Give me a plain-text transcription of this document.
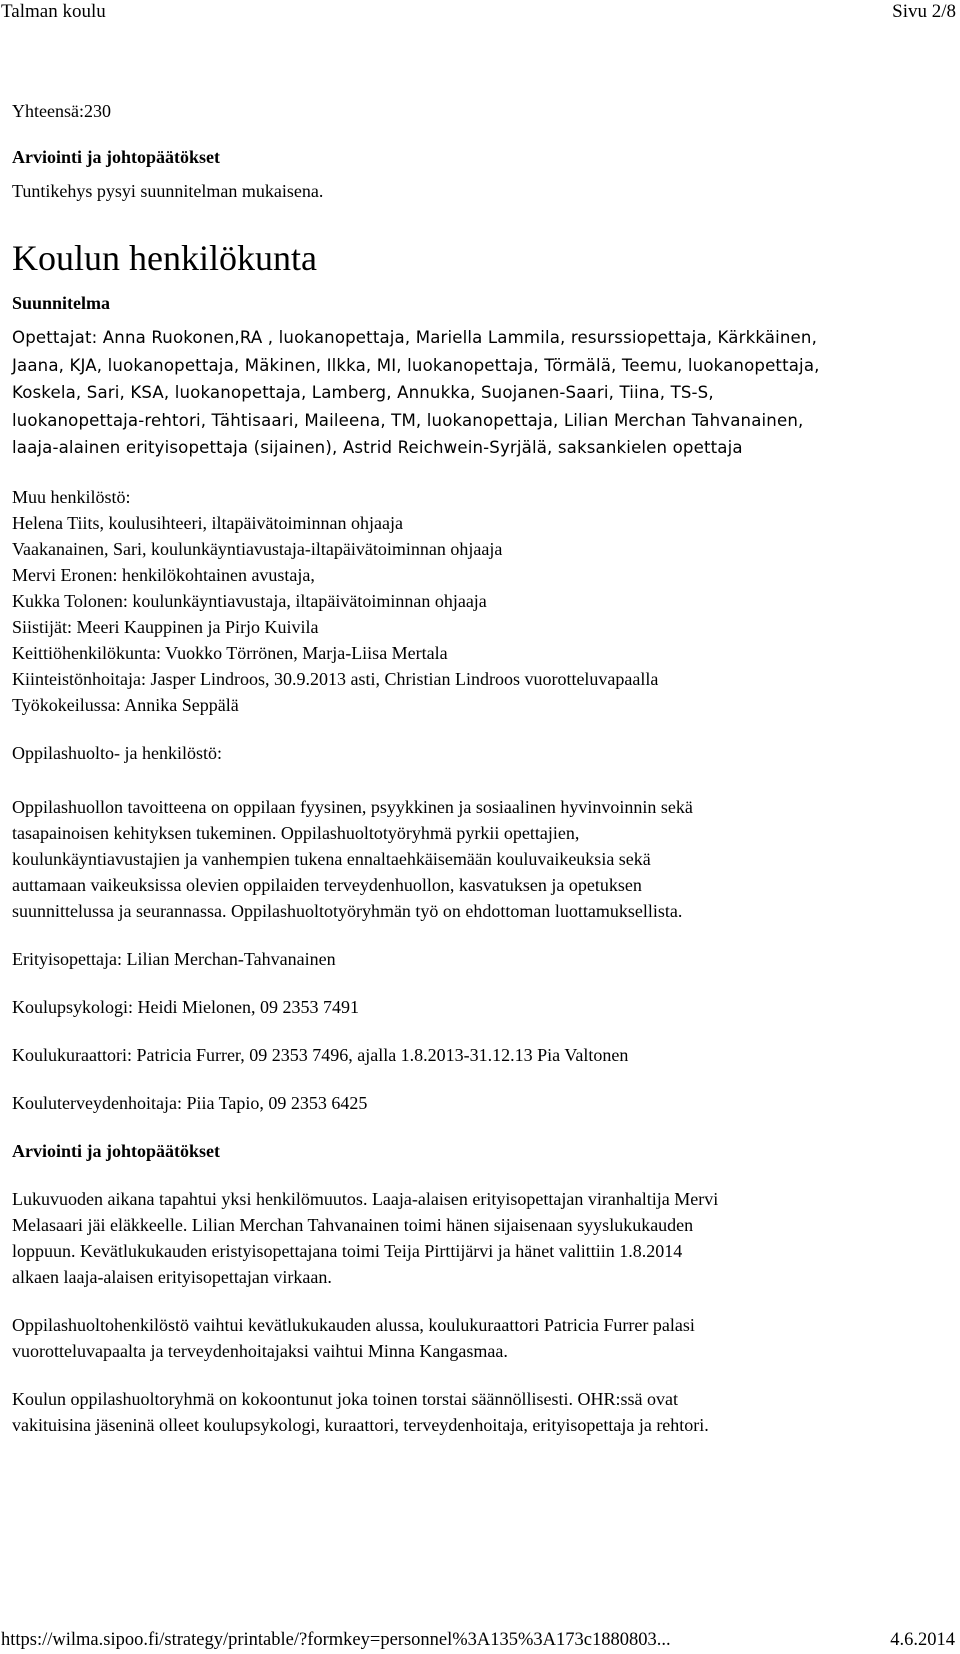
Talman koulu	Sivu 2/8

Yhteensä:230

Arviointi ja johtopäätökset

Tuntikehys pysyi suunnitelman mukaisena.

Koulun henkilökunta

Suunnitelma

Opettajat: Anna Ruokonen,RA , luokanopettaja, Mariella Lammila, resurssiopettaja, Kärkkäinen,
Jaana, KJA, luokanopettaja, Mäkinen, Ilkka, MI, luokanopettaja, Törmälä, Teemu, luokanopettaja,
Koskela, Sari, KSA, luokanopettaja, Lamberg, Annukka, Suojanen-Saari, Tiina, TS-S,
luokanopettaja-rehtori, Tähtisaari, Maileena, TM, luokanopettaja, Lilian Merchan Tahvanainen,
laaja-alainen erityisopettaja (sijainen), Astrid Reichwein-Syrjälä, saksankielen opettaja
Muu henkilöstö:
Helena Tiits, koulusihteeri, iltapäivätoiminnan ohjaaja
Vaakanainen, Sari, koulunkäyntiavustaja-iltapäivätoiminnan ohjaaja
Mervi Eronen: henkilökohtainen avustaja,
Kukka Tolonen: koulunkäyntiavustaja, iltapäivätoiminnan ohjaaja
Siistijät: Meeri Kauppinen ja Pirjo Kuivila
Keittiöhenkilökunta: Vuokko Törrönen, Marja-Liisa Mertala
Kiinteistönhoitaja: Jasper Lindroos, 30.9.2013 asti, Christian Lindroos vuorotteluvapaalla
Työkokeilussa: Annika Seppälä

Oppilashuolto- ja henkilöstö:

Oppilashuollon tavoitteena on oppilaan fyysinen, psyykkinen ja sosiaalinen hyvinvoinnin sekä
tasapainoisen kehityksen tukeminen. Oppilashuoltotyöryhmä pyrkii opettajien,
koulunkäyntiavustajien ja vanhempien tukena ennaltaehkäisemään kouluvaikeuksia sekä
auttamaan vaikeuksissa olevien oppilaiden terveydenhuollon, kasvatuksen ja opetuksen
suunnittelussa ja seurannassa. Oppilashuoltotyöryhmän työ on ehdottoman luottamuksellista.

Erityisopettaja: Lilian Merchan-Tahvanainen

Koulupsykologi: Heidi Mielonen, 09 2353 7491

Koulukuraattori: Patricia Furrer, 09 2353 7496, ajalla 1.8.2013-31.12.13 Pia Valtonen

Kouluterveydenhoitaja: Piia Tapio, 09 2353 6425

Arviointi ja johtopäätökset

Lukuvuoden aikana tapahtui yksi henkilömuutos. Laaja-alaisen erityisopettajan viranhaltija Mervi
Melasaari jäi eläkkeelle. Lilian Merchan Tahvanainen toimi hänen sijaisenaan syyslukukauden
loppuun. Kevätlukukauden eristyisopettajana toimi Teija Pirttijärvi ja hänet valittiin 1.8.2014
alkaen laaja-alaisen erityisopettajan virkaan.
Oppilashuoltohenkilöstö vaihtui kevätlukukauden alussa, koulukuraattori Patricia Furrer palasi
vuorotteluvapaalta ja terveydenhoitajaksi vaihtui Minna Kangasmaa.
Koulun oppilashuoltoryhmä on kokoontunut joka toinen torstai säännöllisesti. OHR:ssä ovat
vakituisina jäseninä olleet koulupsykologi, kuraattori, terveydenhoitaja, erityisopettaja ja rehtori.
https://wilma.sipoo.fi/strategy/printable/?formkey=personnel%3A135%3A173c1880803...	4.6.2014
